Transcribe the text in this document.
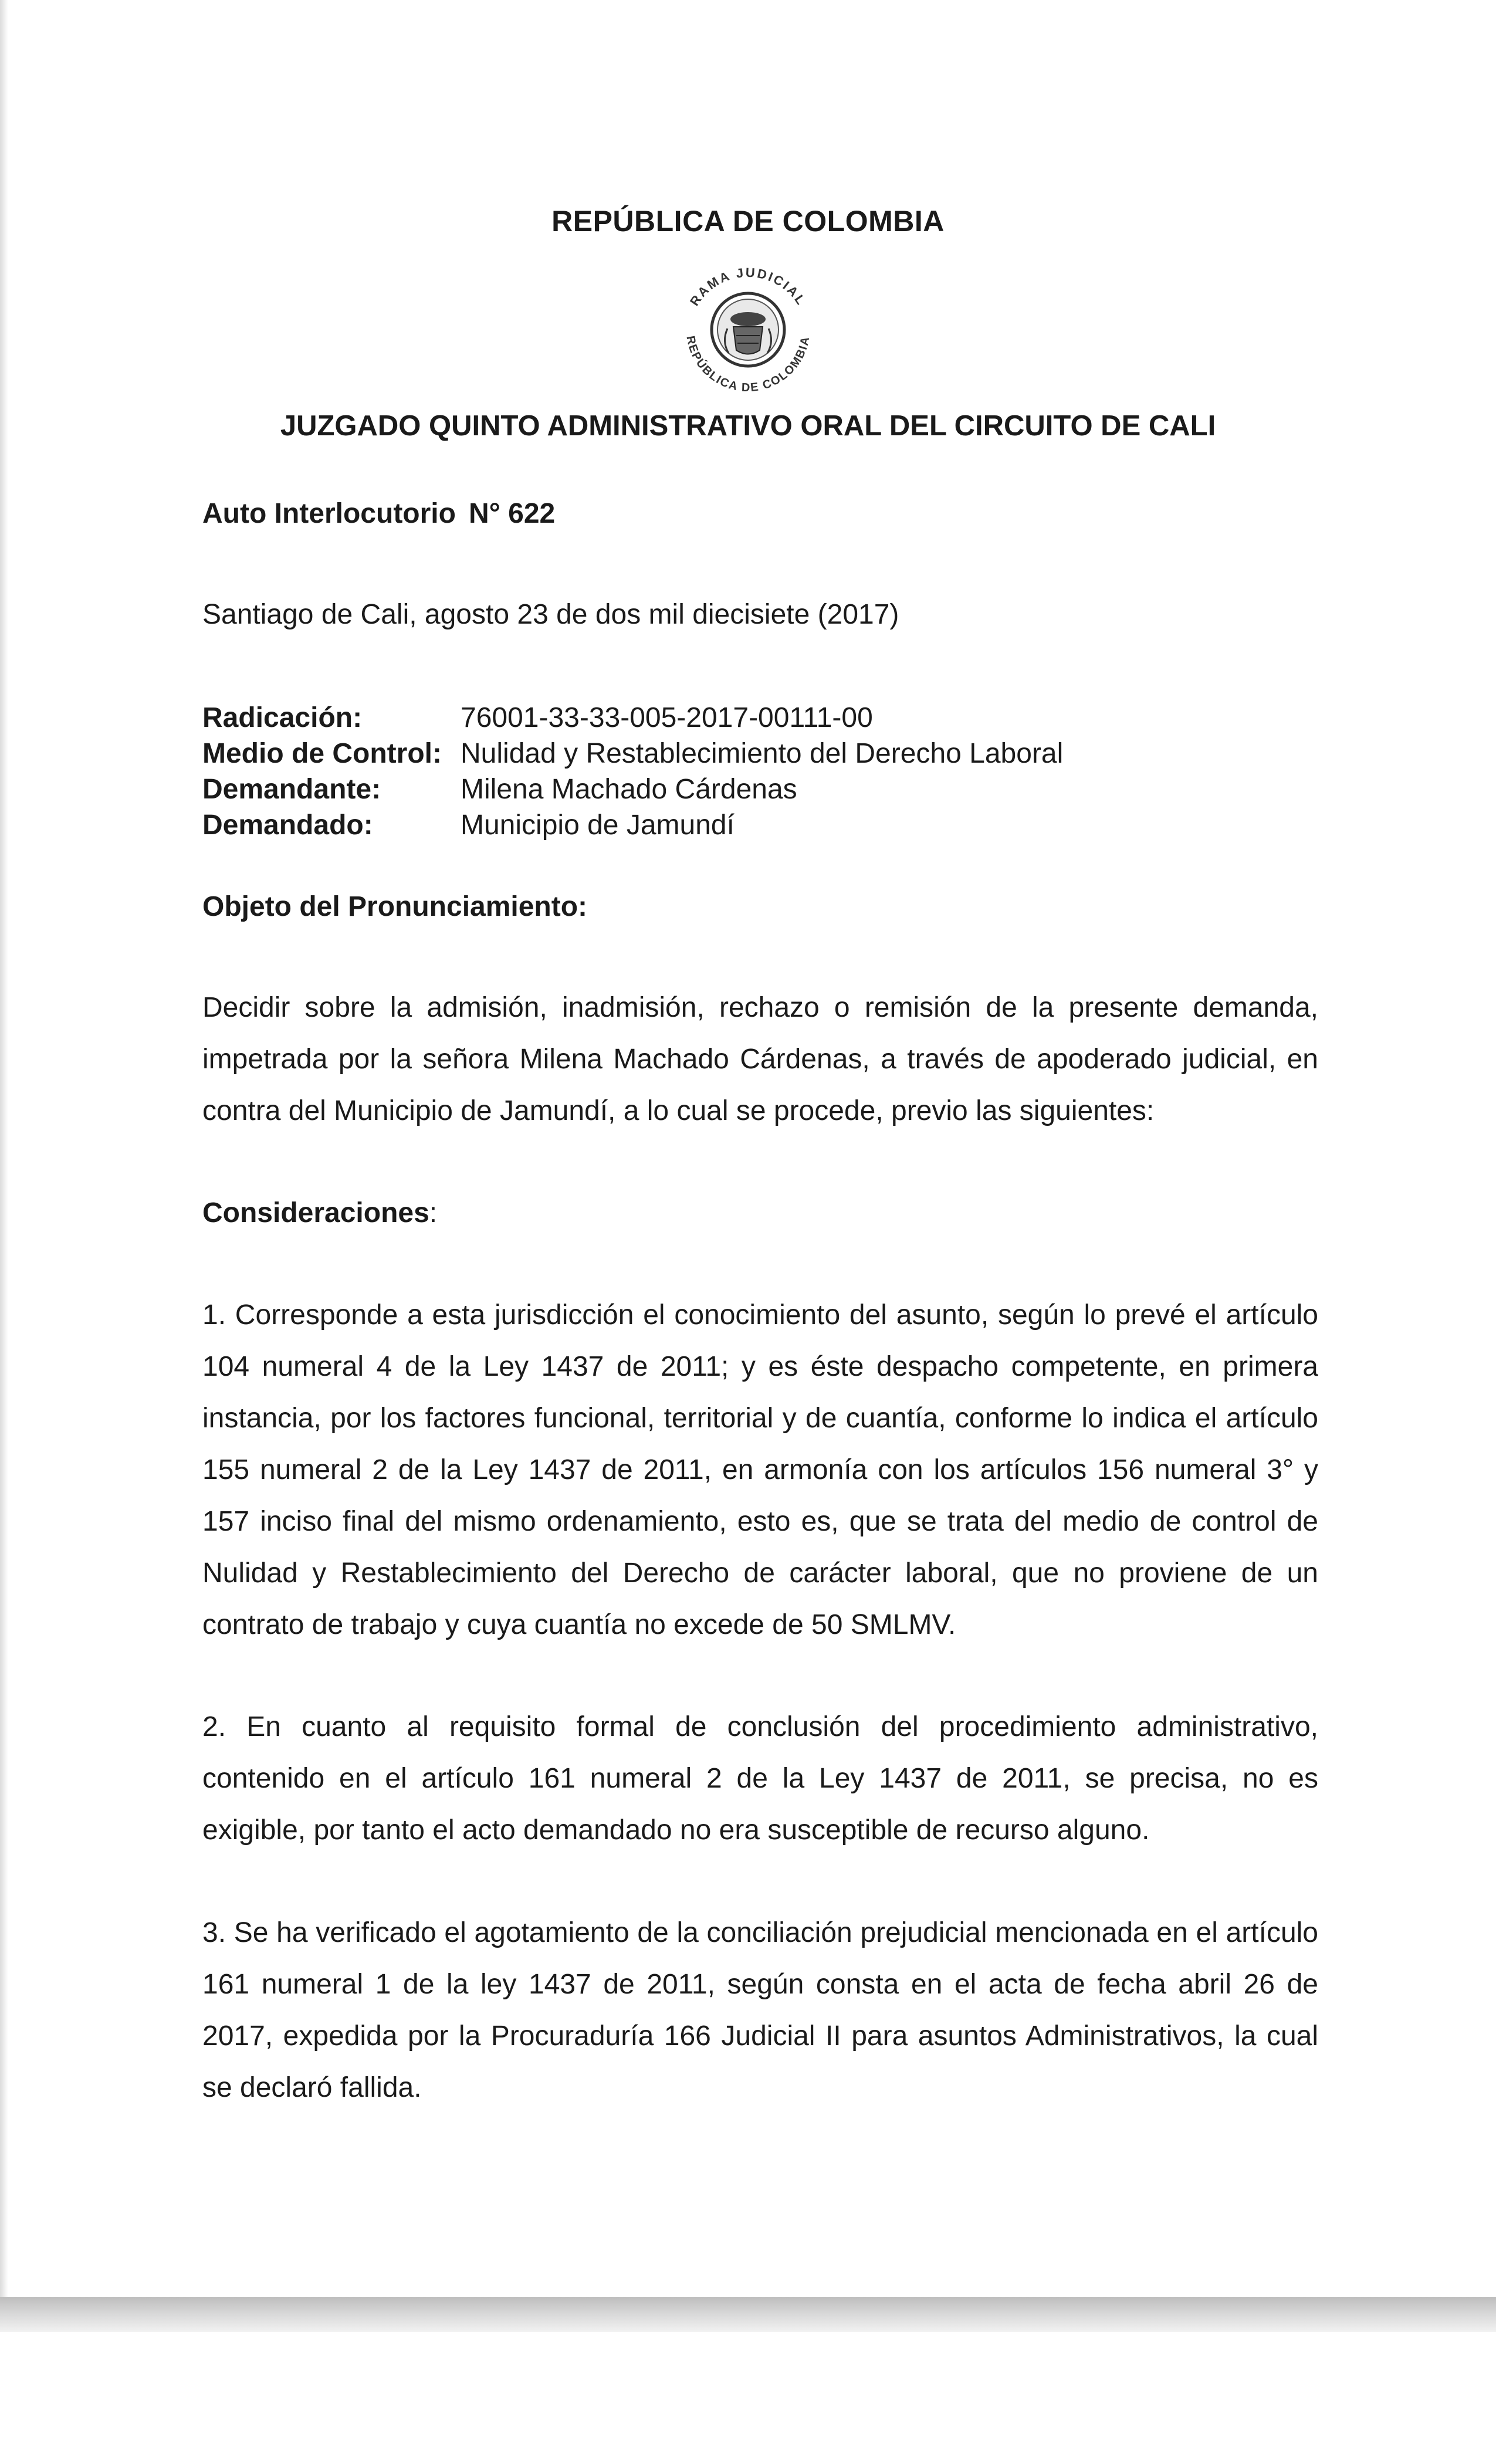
REPÚBLICA DE COLOMBIA
RAMA JUDICIAL
REPÚBLICA DE COLOMBIA
JUZGADO QUINTO ADMINISTRATIVO ORAL DEL CIRCUITO DE CALI
Auto Interlocutorio N° 622
Santiago de Cali, agosto 23 de dos mil diecisiete (2017)
Radicación:	76001-33-33-005-2017-00111-00
Medio de Control: Nulidad y Restablecimiento del Derecho Laboral
Demandante:	Milena Machado Cárdenas
Demandado:	Municipio de Jamundí
Objeto del Pronunciamiento:
Decidir sobre la admisión, inadmisión, rechazo o remisión de la presente demanda, impetrada por la señora Milena Machado Cárdenas, a través de apoderado judicial, en contra del Municipio de Jamundí, a lo cual se procede, previo las siguientes:
Consideraciones:
1. Corresponde a esta jurisdicción el conocimiento del asunto, según lo prevé el artículo 104 numeral 4 de la Ley 1437 de 2011; y es éste despacho competente, en primera instancia, por los factores funcional, territorial y de cuantía, conforme lo indica el artículo 155 numeral 2 de la Ley 1437 de 2011, en armonía con los artículos 156 numeral 3° y 157 inciso final del mismo ordenamiento, esto es, que se trata del medio de control de Nulidad y Restablecimiento del Derecho de carácter laboral, que no proviene de un contrato de trabajo y cuya cuantía no excede de 50 SMLMV.
2. En cuanto al requisito formal de conclusión del procedimiento administrativo, contenido en el artículo 161 numeral 2 de la Ley 1437 de 2011, se precisa, no es exigible, por tanto el acto demandado no era susceptible de recurso alguno.
3. Se ha verificado el agotamiento de la conciliación prejudicial mencionada en el artículo 161 numeral 1 de la ley 1437 de 2011, según consta en el acta de fecha abril 26 de 2017, expedida por la Procuraduría 166 Judicial II para asuntos Administrativos, la cual se declaró fallida.
